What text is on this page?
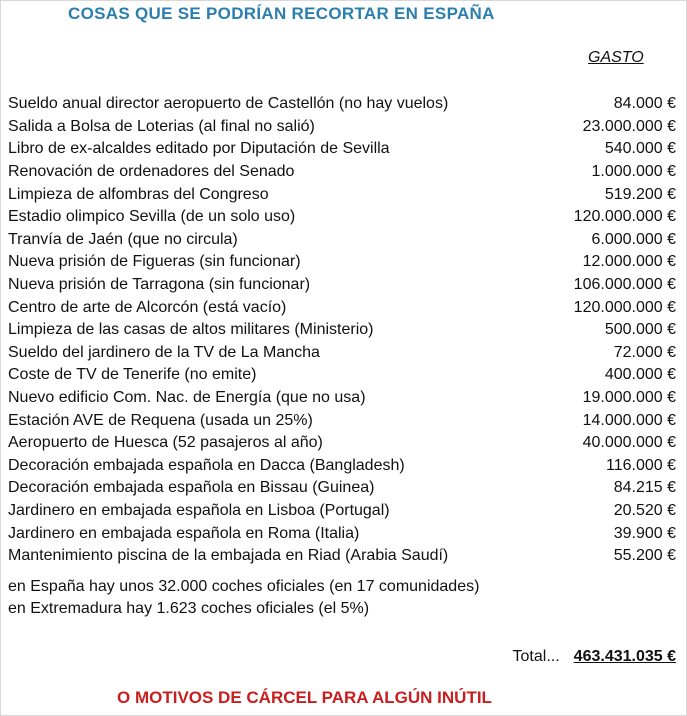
COSAS QUE SE PODRÍAN RECORTAR EN ESPAÑA
GASTO
Sueldo anual director aeropuerto de Castellón (no hay vuelos)	84.000 €
Salida a Bolsa de Loterias (al final no salió)	23.000.000 €
Libro de ex-alcaldes editado por Diputación de Sevilla	540.000 €
Renovación de ordenadores del Senado	1.000.000 €
Limpieza de alfombras del Congreso	519.200 €
Estadio olimpico Sevilla (de un solo uso)	120.000.000 €
Tranvía de Jaén (que no circula)	6.000.000 €
Nueva prisión de Figueras (sin funcionar)	12.000.000 €
Nueva prisión de Tarragona (sin funcionar)	106.000.000 €
Centro de arte de Alcorcón (está vacío)	120.000.000 €
Limpieza de las casas de altos militares (Ministerio)	500.000 €
Sueldo del jardinero de la TV de La Mancha	72.000 €
Coste de TV de Tenerife (no emite)	400.000 €
Nuevo edificio Com. Nac. de Energía (que no usa)	19.000.000 €
Estación AVE de Requena (usada un 25%)	14.000.000 €
Aeropuerto de Huesca (52 pasajeros al año)	40.000.000 €
Decoración embajada española en Dacca (Bangladesh)	116.000 €
Decoración embajada española en Bissau (Guinea)	84.215 €
Jardinero en embajada española en Lisboa (Portugal)	20.520 €
Jardinero en embajada española en Roma (Italia)	39.900 €
Mantenimiento piscina de la embajada en Riad (Arabia Saudí)	55.200 €
en España hay unos 32.000 coches oficiales (en 17 comunidades)
en Extremadura hay 1.623 coches oficiales (el 5%)
Total... 463.431.035 €
O MOTIVOS DE CÁRCEL PARA ALGÚN INÚTIL
